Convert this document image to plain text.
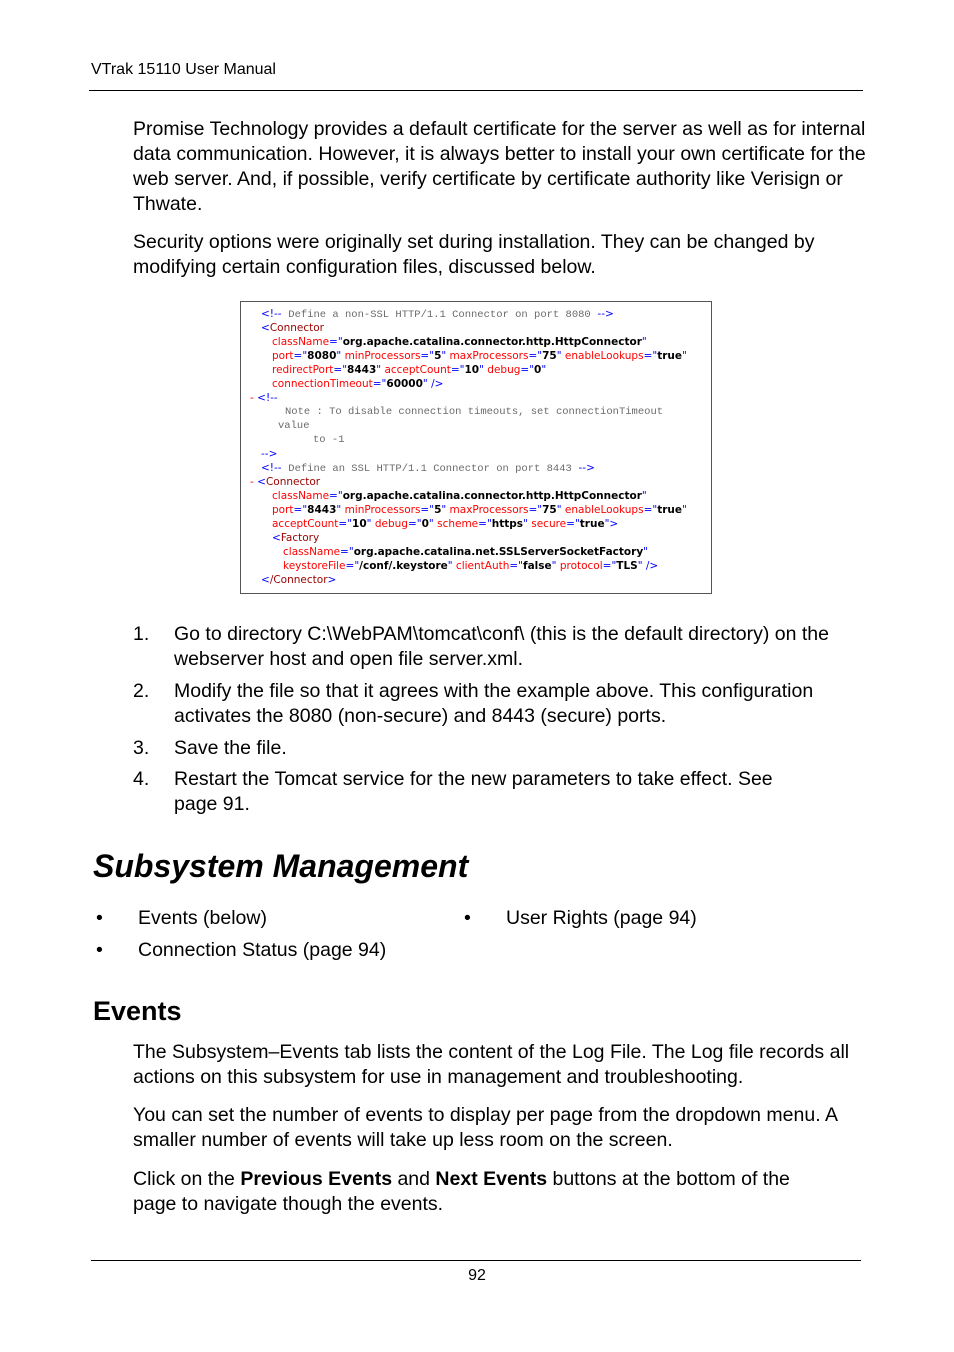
VTrak 15110 User Manual
Promise Technology provides a default certificate for the server as well as for internal data communication. However, it is always better to install your own certificate for the web server. And, if possible, verify certificate by certificate authority like Verisign or Thwate.
Security options were originally set during installation. They can be changed by modifying certain configuration files, discussed below.
<!-- Define a non-SSL HTTP/1.1 Connector on port 8080 -->
<Connector
className="org.apache.catalina.connector.http.HttpConnector"
port="8080" minProcessors="5" maxProcessors="75" enableLookups="true"
redirectPort="8443" acceptCount="10" debug="0"
connectionTimeout="60000" />
- <!--
Note : To disable connection timeouts, set connectionTimeout
value
to -1
-->
<!-- Define an SSL HTTP/1.1 Connector on port 8443 -->
- <Connector
className="org.apache.catalina.connector.http.HttpConnector"
port="8443" minProcessors="5" maxProcessors="75" enableLookups="true"
acceptCount="10" debug="0" scheme="https" secure="true">
<Factory
className="org.apache.catalina.net.SSLServerSocketFactory"
keystoreFile="/conf/.keystore" clientAuth="false" protocol="TLS" />
</Connector>
1. Go to directory C:\WebPAM\tomcat\conf\ (this is the default directory) on the webserver host and open file server.xml.
2. Modify the file so that it agrees with the example above. This configuration activates the 8080 (non-secure) and 8443 (secure) ports.
3. Save the file.
4. Restart the Tomcat service for the new parameters to take effect. See page 91.
Subsystem Management
• Events (below)	• User Rights (page 94)
• Connection Status (page 94)
Events
The Subsystem–Events tab lists the content of the Log File. The Log file records all actions on this subsystem for use in management and troubleshooting.
You can set the number of events to display per page from the dropdown menu. A smaller number of events will take up less room on the screen.
Click on the Previous Events and Next Events buttons at the bottom of the page to navigate though the events.
92
